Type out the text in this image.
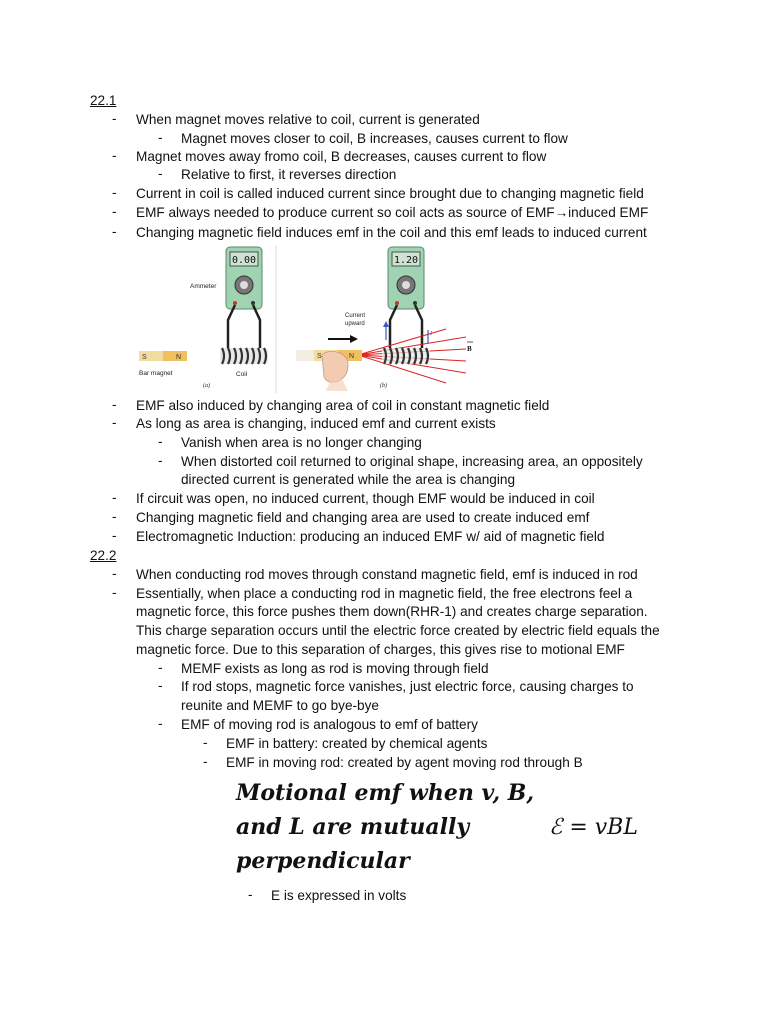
22.1
22.2
- When magnet moves relative to coil, current is generated
- Magnet moves closer to coil, B increases, causes current to flow
- Magnet moves away fromo coil, B decreases, causes current to flow
- Relative to first, it reverses direction
- Current in coil is called induced current since brought due to changing magnetic field
- EMF always needed to produce current so coil acts as source of EMF→induced EMF
- Changing magnetic field induces emf in the coil and this emf leads to induced current
0.00
Ammeter
Coil
S	N
Bar magnet
(a)
1.20
Current
upward
I
S	N
B
(b)
- EMF also induced by changing area of coil in constant magnetic field
- As long as area is changing, induced emf and current exists
- Vanish when area is no longer changing
- When distorted coil returned to original shape, increasing area, an oppositely
directed current is generated while the area is changing
- If circuit was open, no induced current, though EMF would be induced in coil
- Changing magnetic field and changing area are used to create induced emf
- Electromagnetic Induction: producing an induced EMF w/ aid of magnetic field
- When conducting rod moves through constand magnetic field, emf is induced in rod
- Essentially, when place a conducting rod in magnetic field, the free electrons feel a
magnetic force, this force pushes them down(RHR-1) and creates charge separation.
This charge separation occurs until the electric force created by electric field equals the
magnetic force. Due to this separation of charges, this gives rise to motional EMF
- MEMF exists as long as rod is moving through field
- If rod stops, magnetic force vanishes, just electric force, causing charges to
reunite and MEMF to go bye-bye
- EMF of moving rod is analogous to emf of battery
- EMF in battery: created by chemical agents
- EMF in moving rod: created by agent moving rod through B
Motional emf when v, B,
and L are mutually
perpendicular
ℰ = vBL
- E is expressed in volts
